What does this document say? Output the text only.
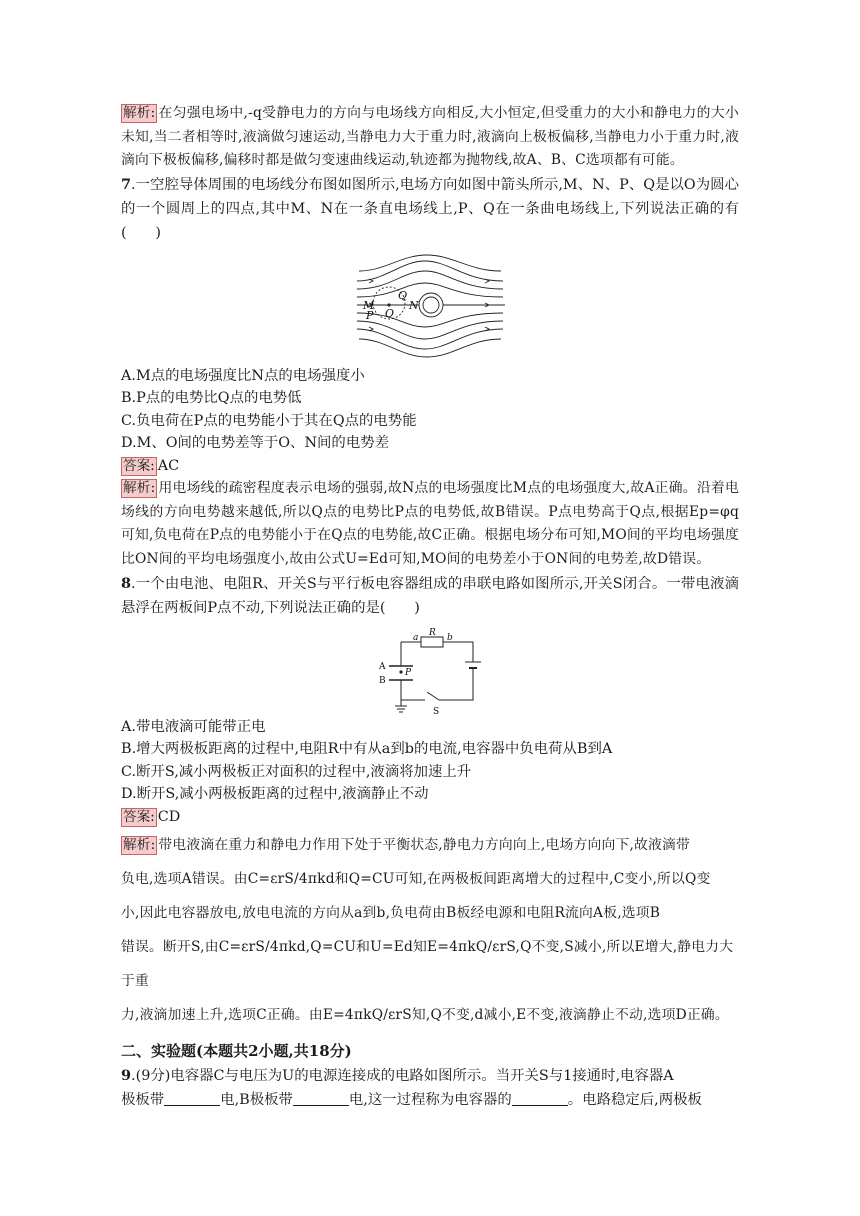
解析: 在匀强电场中,-q受静电力的方向与电场线方向相反,大小恒定,但受重力的大小和静电力的大小未知,当二者相等时,液滴做匀速运动,当静电力大于重力时,液滴向上极板偏移,当静电力小于重力时,液滴向下极板偏移,偏移时都是做匀变速曲线运动,轨迹都为抛物线,故A、B、C选项都有可能。

7.一空腔导体周围的电场线分布图如图所示,电场方向如图中箭头所示,M、N、P、Q是以O为圆心的一个圆周上的四点,其中M、N在一条直电场线上,P、Q在一条曲电场线上,下列说法正确的有(　　)

M
O
N
P
Q

A.M点的电场强度比N点的电场强度小

B.P点的电势比Q点的电势低

C.负电荷在P点的电势能小于其在Q点的电势能

D.M、O间的电势差等于O、N间的电势差

答案: AC

解析: 用电场线的疏密程度表示电场的强弱,故N点的电场强度比M点的电场强度大,故A正确。沿着电场线的方向电势越来越低,所以Q点的电势比P点的电势低,故B错误。P点电势高于Q点,根据Ep=φq可知,负电荷在P点的电势能小于在Q点的电势能,故C正确。根据电场分布可知,MO间的平均电场强度比ON间的平均电场强度小,故由公式U=Ed可知,MO间的电势差小于ON间的电势差,故D错误。

8.一个由电池、电阻R、开关S与平行板电容器组成的串联电路如图所示,开关S闭合。一带电液滴悬浮在两板间P点不动,下列说法正确的是(　　)

a R b
A
P
B
S

A.带电液滴可能带正电

B.增大两极板距离的过程中,电阻R中有从a到b的电流,电容器中负电荷从B到A

C.断开S,减小两极板正对面积的过程中,液滴将加速上升

D.断开S,减小两极板距离的过程中,液滴静止不动

答案: CD

解析: 带电液滴在重力和静电力作用下处于平衡状态,静电力方向向上,电场方向向下,故液滴带
负电,选项A错误。由C=εrS/4πkd和Q=CU可知,在两极板间距离增大的过程中,C变小,所以Q变
小,因此电容器放电,放电电流的方向从a到b,负电荷由B板经电源和电阻R流向A板,选项B
错误。断开S,由C=εrS/4πkd,Q=CU和U=Ed知E=4πkQ/εrS,Q不变,S减小,所以E增大,静电力大于重
力,液滴加速上升,选项C正确。由E=4πkQ/εrS知,Q不变,d减小,E不变,液滴静止不动,选项D正确。

二、实验题(本题共2小题,共18分)

9.(9分)电容器C与电压为U的电源连接成的电路如图所示。当开关S与1接通时,电容器A

极板带	电,B极板带	电,这一过程称为电容器的	。电路稳定后,两极板
